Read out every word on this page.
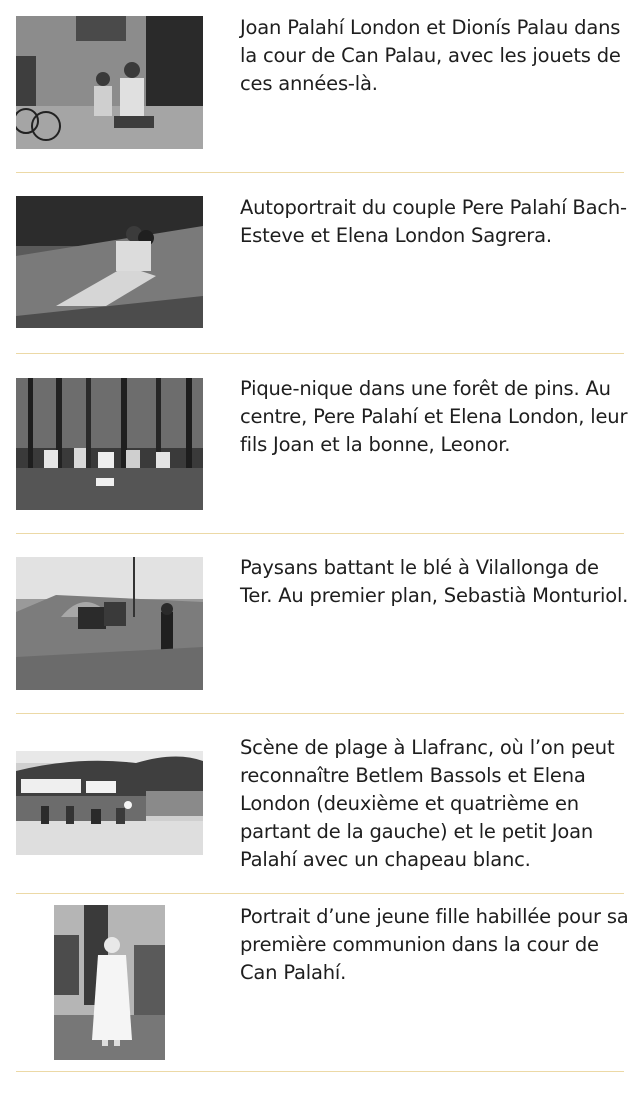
Joan Palahí London et Dionís Palau dans la cour de Can Palau, avec les jouets de ces années-là.

Autoportrait du couple Pere Palahí Bach-Esteve et Elena London Sagrera.

Pique-nique dans une forêt de pins. Au centre, Pere Palahí et Elena London, leur fils Joan et la bonne, Leonor.

Paysans battant le blé à Vilallonga de Ter. Au premier plan, Sebastià Monturiol.

Scène de plage à Llafranc, où l’on peut reconnaître Betlem Bassols et Elena London (deuxième et quatrième en partant de la gauche) et le petit Joan Palahí avec un chapeau blanc.

Portrait d’une jeune fille habillée pour sa première communion dans la cour de Can Palahí.
